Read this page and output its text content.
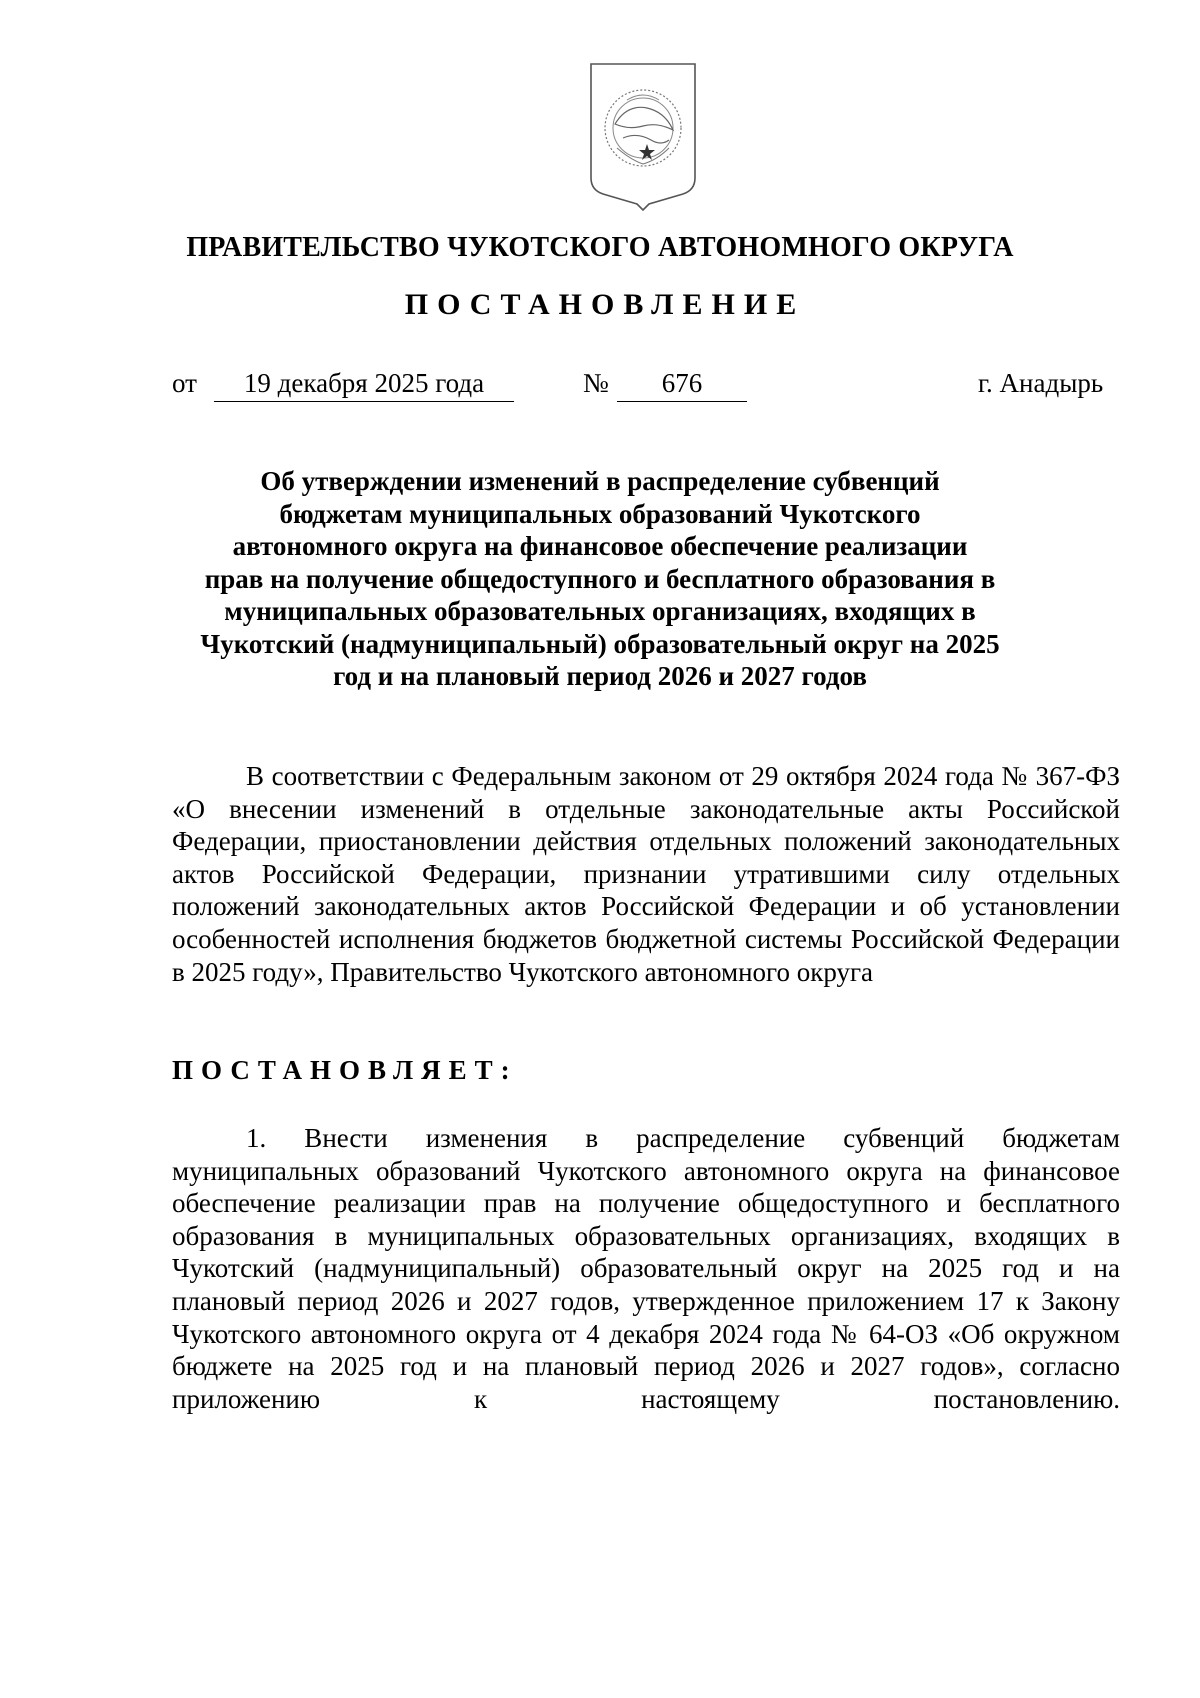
ПРАВИТЕЛЬСТВО ЧУКОТСКОГО АВТОНОМНОГО ОКРУГА
ПОСТАНОВЛЕНИЕ
от	19 декабря 2025 года	№	676	г. Анадырь
Об утверждении изменений в распределение субвенций бюджетам муниципальных образований Чукотского автономного округа на финансовое обеспечение реализации прав на получение общедоступного и бесплатного образования в муниципальных образовательных организациях, входящих в Чукотский (надмуниципальный) образовательный округ на 2025 год и на плановый период 2026 и 2027 годов
В соответствии с Федеральным законом от 29 октября 2024 года № 367-ФЗ «О внесении изменений в отдельные законодательные акты Российской Федерации, приостановлении действия отдельных положений законодательных актов Российской Федерации, признании утратившими силу отдельных положений законодательных актов Российской Федерации и об установлении особенностей исполнения бюджетов бюджетной системы Российской Федерации в 2025 году», Правительство Чукотского автономного округа
ПОСТАНОВЛЯЕТ:
1. Внести изменения в распределение субвенций бюджетам муниципальных образований Чукотского автономного округа на финансовое обеспечение реализации прав на получение общедоступного и бесплатного образования в муниципальных образовательных организациях, входящих в Чукотский (надмуниципальный) образовательный округ на 2025 год и на плановый период 2026 и 2027 годов, утвержденное приложением 17 к Закону Чукотского автономного округа от 4 декабря 2024 года № 64-ОЗ «Об окружном бюджете на 2025 год и на плановый период 2026 и 2027 годов», согласно приложению к настоящему постановлению.
